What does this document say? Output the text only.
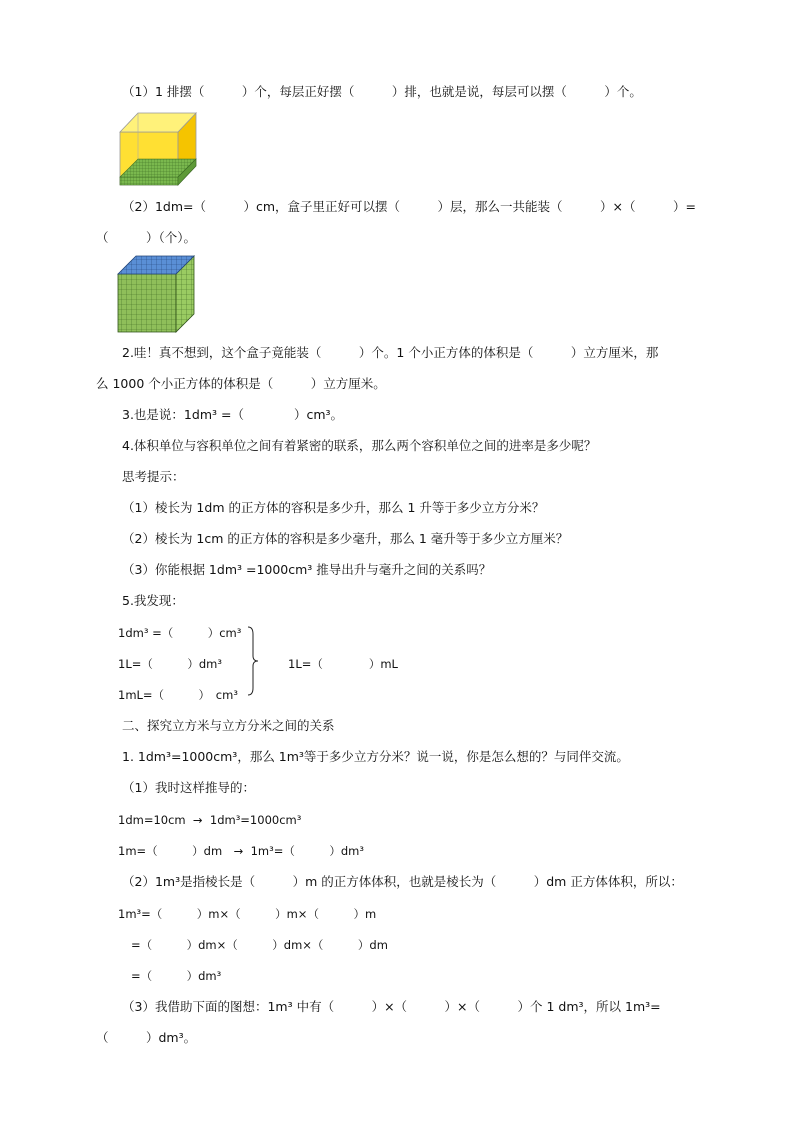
（1）1 排摆（　　　）个，每层正好摆（　　　）排，也就是说，每层可以摆（　　　）个。
（2）1dm=（　　　）cm，盒子里正好可以摆（　　　）层，那么一共能装（　　　）×（　　　）=
（　　　）（个）。
2.哇！真不想到，这个盒子竟能装（　　　）个。1 个小正方体的体积是（　　　）立方厘米，那
么 1000 个小正方体的体积是（　　　）立方厘米。
3.也是说：1dm³ =（　　　　）cm³。
4.体积单位与容积单位之间有着紧密的联系，那么两个容积单位之间的进率是多少呢？
思考提示：
（1）棱长为 1dm 的正方体的容积是多少升，那么 1 升等于多少立方分米？
（2）棱长为 1cm 的正方体的容积是多少毫升，那么 1 毫升等于多少立方厘米？
（3）你能根据 1dm³ =1000cm³ 推导出升与毫升之间的关系吗？
5.我发现：
1dm³ =（　　　）cm³
1L=（　　　）dm³
1mL=（　　　）　cm³
1L=（　　　　）mL
二、探究立方米与立方分米之间的关系
1. 1dm³=1000cm³，那么 1m³等于多少立方分米？说一说，你是怎么想的？与同伴交流。
（1）我时这样推导的：
1dm=10cm  →  1dm³=1000cm³
1m=（　　　）dm　→  1m³=（　　　）dm³
（2）1m³是指棱长是（　　　）m 的正方体体积，也就是棱长为（　　　）dm 正方体体积，所以：
1m³=（　　　）m×（　　　）m×（　　　）m
=（　　　）dm×（　　　）dm×（　　　）dm
=（　　　）dm³
（3）我借助下面的图想：1m³ 中有（　　　）×（　　　）×（　　　）个 1 dm³，所以 1m³=
（　　　）dm³。
